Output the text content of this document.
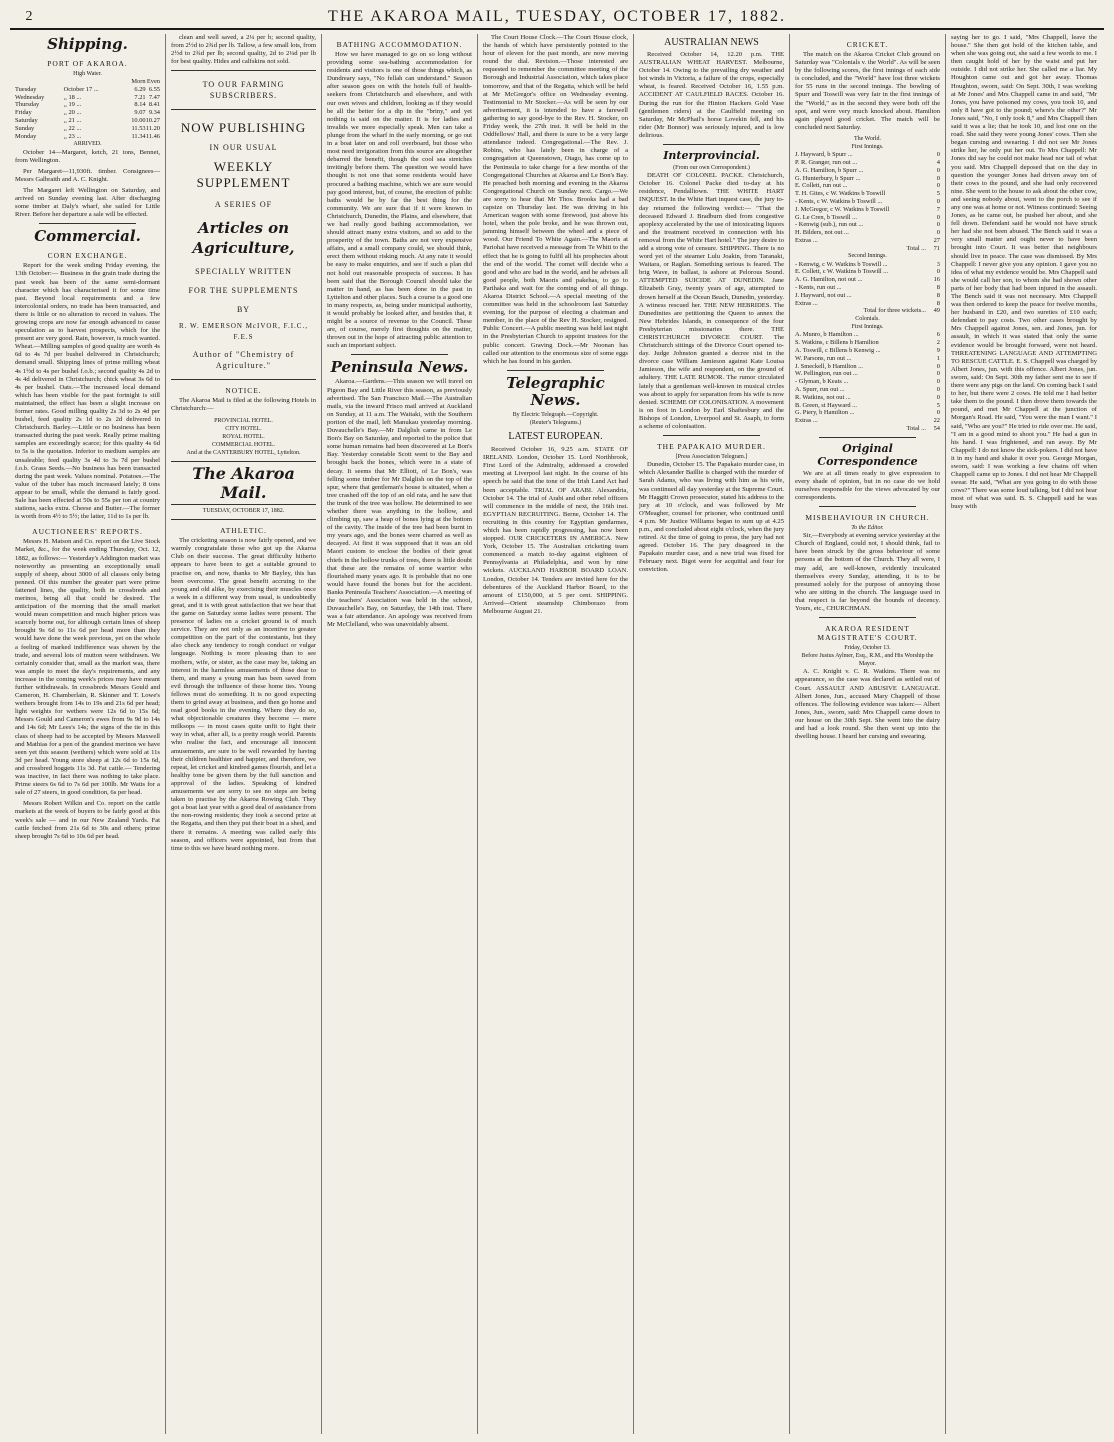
2	THE AKAROA MAIL, TUESDAY, OCTOBER 17, 1882.
Shipping.
PORT OF AKAROA.
High Water.
		Morn	Even
Tuesday	October 17 ...	6.29	6.55
Wednesday	,, 18 ...	7.21	7.47
Thursday	,, 19 ...	8.14	8.41
Friday	,, 20 ...	9.07	9.34
Saturday	,, 21 ...	10.00	10.27
Sunday	,, 22 ...	11.53	11.20
Monday	,, 23 ...	11.34	11.46
ARRIVED.

October 14—Margaret, ketch, 21 tons, Bennet, from Wellington.

Per Margaret—11,930ft. timber. Consignees—Messrs Galbraith and A. C. Knight.

The Margaret left Wellington on Saturday, and arrived on Sunday evening last. After discharging some timber at Daly's wharf, she sailed for Little River. Before her departure a sale will be effected.

Commercial.
CORN EXCHANGE.

Report for the week ending Friday evening, the 13th October:— Business in the grain trade during the past week has been of the same semi-dormant character which has characterised it for some time past. Beyond local requirements and a few intercolonial orders, no trade has been transacted, and there is little or no alteration to record in values. The growing crops are now far enough advanced to cause speculation as to harvest prospects, which for the present are very good. Rain, however, is much wanted. Wheat.—Milling samples of good quality are worth 4s 6d to 4s 7d per bushel delivered in Christchurch; demand small. Shipping lines of prime milling wheat 4s 1½d to 4s per bushel f.o.b.; second quality 4s 2d to 4s 4d delivered in Christchurch; chick wheat 3s 6d to 4s per bushel. Oats.—The increased local demand which has been visible for the past fortnight is still maintained, the effect has been a slight increase on former rates. Good milling quality 2s 3d to 2s 4d per bushel, feed quality 2s 1d to 2s 2d delivered in Christchurch. Barley.—Little or no business has been transacted during the past week. Really prime malting samples are exceedingly scarce; for this quality 4s 6d to 5s is the quotation. Inferior to medium samples are unsaleable; feed quality 3s 4d to 3s 7d per bushel f.o.b. Grass Seeds.—No business has been transacted during the past week. Values nominal. Potatoes.—The value of the tuber has much increased lately; 8 tons appear to be small, while the demand is fairly good. Sale has been effected at 50s to 55s per ton at country stations, sacks extra. Cheese and Butter.—The former is worth from 4½ to 5½; the latter, 11d to 1s per lb.

AUCTIONEERS' REPORTS.

Messrs H. Matson and Co. report on the Live Stock Market, &c., for the week ending Thursday, Oct. 12, 1882, as follows:— Yesterday's Addington market was noteworthy as presenting an exceptionally small supply of sheep, about 3000 of all classes only being penned. Of this number the greater part were prime fattened lines, the quality, both in crossbreds and merinos, being all that could be desired. The anticipation of the morning that the small market would mean competition and much higher prices was scarcely borne out, for although certain lines of sheep brought 9s 6d to 11s 6d per head more than they would have done the week previous, yet on the whole a feeling of marked indifference was shown by the trade, and several lots of mutton were withdrawn. We certainly consider that, small as the market was, there was ample to meet the day's requirements, and any increase in the coming week's prices may have meant further withdrawals. In crossbreds Messrs Gould and Cameron, H. Chamberlain, R. Skinner and T. Lowe's wethers brought from 14s to 19s and 21s 6d per head; light weights for wethers were 12s 6d to 15s 6d; Messrs Gould and Cameron's ewes from 9s 9d to 14s and 14s 6d; Mr Lees's 14s; the signs of the tie in this class of sheep had to be accepted by Messrs Maxwell and Mathias for a pen of the grandest merinos we have seen yet this season (wethers) which were sold at 11s 3d per head. Young store sheep at 12s 6d to 15s 6d, and crossbred hoggets 11s 3d. Fat cattle.— Tendering was inactive, in fact there was nothing to take place. Prime steers 6s 6d to 7s 6d per 100lb. Mr Watts for a sale of 27 steers, in good condition, 6s per head.

Messrs Robert Wilkin and Co. report on the cattle markets at the week of buyers to be fairly good at this week's sale — and in our New Zealand Yards. Fat cattle fetched from 21s 6d to 30s and others; prime sheep brought 7s 6d to 10s 6d per head.

clean and well saved, a 2¼ per b; second quality, from 2½d to 2¾d per lb. Tallow, a few small lots, from 2½d to 2¾d per lb; second quality, 2d to 2¼d per lb for best quality. Hides and calfskins not sold.

TO OUR FARMING SUBSCRIBERS.
NOW PUBLISHING
IN OUR USUAL
WEEKLY SUPPLEMENT
A SERIES OF
Articles on Agriculture,
SPECIALLY WRITTEN
FOR THE SUPPLEMENTS
BY
R. W. EMERSON McIVOR, F.I.C., F.E.S
Author of "Chemistry of Agriculture."
NOTICE.

The Akaroa Mail is filed at the following Hotels in Christchurch:—

PROVINCIAL HOTEL.
CITY HOTEL.
ROYAL HOTEL.
COMMERCIAL HOTEL.
And at the CANTERBURY HOTEL, Lyttelton.
The Akaroa Mail.
TUESDAY, OCTOBER 17, 1882.
ATHLETIC.

The cricketing season is now fairly opened, and we warmly congratulate those who got up the Akaroa Club on their success. The great difficulty hitherto appears to have been to get a suitable ground to practise on, and now, thanks to Mr Bayley, this has been overcome. The great benefit accruing to the young and old alike, by exercising their muscles once a week in a different way from usual, is undoubtedly great, and it is with great satisfaction that we hear that the game on Saturday some ladies were present. The presence of ladies on a cricket ground is of much service. They are not only as an incentive to greater competition on the part of the contestants, but they also check any tendency to rough conduct or vulgar language. Nothing is more pleasing than to see mothers, wife, or sister, as the case may be, taking an interest in the harmless amusements of those dear to them, and many a young man has been saved from evil through the influence of these home ties. Young fellows must do something. It is no good expecting them to grind away at business, and then go home and read good books in the evening. Where they do so, what objectionable creatures they become — mere milksops — in most cases quite unfit to fight their way in what, after all, is a pretty rough world. Parents who realise the fact, and encourage all innocent amusements, are sure to be well rewarded by having their children healthier and happier, and therefore, we repeat, let cricket and kindred games flourish, and let a healthy tone be given them by the full sanction and approval of the ladies. Speaking of kindred amusements we are sorry to see no steps are being taken to practise by the Akaroa Rowing Club. They got a boat last year with a good deal of assistance from the non-rowing residents; they took a second prize at the Regatta, and then they put their boat in a shed, and there it remains. A meeting was called early this season, and officers were appointed, but from that time to this we have heard nothing more.

BATHING ACCOMMODATION.

How we have managed to go on so long without providing some sea-bathing accommodation for residents and visitors is one of those things which, as Dundreary says, "No fellah can understand." Season after season goes on with the hotels full of health-seekers from Christchurch and elsewhere, and with our own wives and children, looking as if they would be all the better for a dip in the "briny," and yet nothing is said on the matter. It is for ladies and invalids we more especially speak. Men can take a plunge from the wharf in the early morning, or go out in a boat later on and roll overboard, but those who most need invigoration from this source are altogether debarred the benefit, though the cool sea stretches invitingly before them. The question we would have thought is not one that some residents would have procured a bathing machine, which we are sure would pay good interest, but, of course, the erection of public baths would be by far the best thing for the community. We are sure that if it were known in Christchurch, Dunedin, the Plains, and elsewhere, that we had really good bathing accommodation, we should attract many extra visitors, and so add to the prosperity of the town. Baths are not very expensive affairs, and a small company could, we should think, erect them without risking much. At any rate it would be easy to make enquiries, and see if such a plan did not hold out reasonable prospects of success. It has been said that the Borough Council should take the matter in hand, as has been done in the past in Lyttelton and other places. Such a course is a good one in many respects, as, being under municipal authority, it would probably be looked after, and besides that, it might be a source of revenue to the Council. These are, of course, merely first thoughts on the matter, thrown out in the hope of attracting public attention to such an important subject.

Peninsula News.

Akaroa.—Gardens.—This season we will travel on Pigeon Bay and Little River this season, as previously advertised. The San Francisco Mail.—The Australian mails, via the inward Frisco mail arrived at Auckland on Sunday, at 11 a.m. The Waitaki, with the Southern portion of the mail, left Manukau yesterday morning. Duvauchelle's Bay.—Mr Dalglish came in from Le Bon's Bay on Saturday, and reported to the police that some human remains had been discovered at Le Bon's Bay. Yesterday constable Scott went to the Bay and brought back the bones, which were in a state of decay. It seems that Mr Elliott, of Le Bon's, was felling some timber for Mr Dalglish on the top of the spur, where that gentleman's house is situated, when a tree crashed off the top of an old rata, and he saw that the trunk of the tree was hollow. He determined to see whether there was anything in the hollow, and climbing up, saw a heap of bones lying at the bottom of the cavity. The inside of the tree had been burnt in my years ago, and the bones were charred as well as decayed. At first it was supposed that it was an old Maori custom to enclose the bodies of their great chiefs in the hollow trunks of trees, there is little doubt that these are the remains of some warrior who flourished many years ago. It is probable that no one would have found the bones but for the accident. Banks Peninsula Teachers' Association.—A meeting of the teachers' Association was held in the school, Duvauchelle's Bay, on Saturday, the 14th inst. There was a fair attendance. An apology was received from Mr McClelland, who was unavoidably absent.

The Court House Clock.—The Court House clock, the hands of which have persistently pointed to the hour of eleven for the past month, are now moving round the dial. Revision.—Those interested are requested to remember the committee meeting of the Borough and Industrial Association, which takes place tomorrow, and that of the Regatta, which will be held at Mr McGregor's office on Wednesday evening. Testimonial to Mr Stocker.—As will be seen by our advertisement, it is intended to have a farewell gathering to say good-bye to the Rev. H. Stocker, on Friday week, the 27th inst. It will be held in the Oddfellows' Hall, and there is sure to be a very large attendance indeed. Congregational.—The Rev. J. Robins, who has lately been in charge of a congregation at Queenstown, Otago, has come up to the Peninsula to take charge for a few months of the Congregational Churches at Akaroa and Le Bon's Bay. He preached both morning and evening in the Akaroa Congregational Church on Sunday next. Cargo.—We are sorry to hear that Mr Thos. Brooks had a bad capsize on Thursday last. He was driving in his American wagon with some firewood, just above his hotel, when the pole broke, and he was thrown out, jamming himself between the wheel and a piece of wood. Our Friend To White Again.—The Maoris at Pariohai have received a message from Te Whiti to the effect that he is going to fulfil all his prophecies about the end of the world. The comet will decide who a good and who are bad in the world, and he advises all good people, both Maoris and pakehas, to go to Parihaka and wait for the coming end of all things. Akaroa District School.—A special meeting of the committee was held in the schoolroom last Saturday evening, for the purpose of electing a chairman and member, in the place of the Rev H. Stocker, resigned. Public Concert.—A public meeting was held last night in the Presbyterian Church to appoint trustees for the public concert. Graving Dock.—Mr Noonan has called our attention to the enormous size of some eggs which he has found in his garden.

Telegraphic News.
By Electric Telegraph.—Copyright.
(Reuter's Telegrams.)
LATEST EUROPEAN.

Received October 16, 9.25 a.m. STATE OF IRELAND. London, October 15. Lord Northbrook, First Lord of the Admiralty, addressed a crowded meeting at Liverpool last night. In the course of his speech he said that the tone of the Irish Land Act had been acceptable. TRIAL OF ARABI. Alexandria, October 14. The trial of Arabi and other rebel officers will commence in the middle of next, the 16th inst. EGYPTIAN RECRUITING. Berne, October 14. The recruiting in this country for Egyptian gendarmes, which has been rapidly progressing, has now been stopped. OUR CRICKETERS IN AMERICA. New York, October 15. The Australian cricketing team commenced a match to-day against eighteen of Pennsylvania at Philadelphia, and won by nine wickets. AUCKLAND HARBOR BOARD LOAN. London, October 14. Tenders are invited here for the debentures of the Auckland Harbor Board, to the amount of £150,000, at 5 per cent. SHIPPING. Arrived—Orient steamship Chimborazo from Melbourne August 21.

AUSTRALIAN NEWS

Received October 14, 12.20 p.m. THE AUSTRALIAN WHEAT HARVEST. Melbourne, October 14. Owing to the prevailing dry weather and hot winds in Victoria, a failure of the crops, especially wheat, is feared. Received October 16, 1.55 p.m. ACCIDENT AT CAULFIELD RACES. October 16. During the run for the Hinton Hackers Gold Vase (gentlemen riders) at the Caulfield meeting on Saturday, Mr McPhail's horse Lovekin fell, and his rider (Mr Bonnor) was seriously injured, and is low delirious.

Interprovincial.
(From our own Correspondent.)

DEATH OF COLONEL PACKE. Christchurch, October 16. Colonel Packe died to-day at his residence, Pendalltown. THE WHITE HART INQUEST. In the White Hart inquest case, the jury to-day returned the following verdict:— "That the deceased Edward J. Bradburn died from congestive apoplexy accelerated by the use of intoxicating liquors and the treatment received in connection with his removal from the White Hart hotel." The jury desire to add a strong vote of censure. SHIPPING. There is no word yet of the steamer Lulu Joakin, from Taranaki, Waitara, or Raglan. Something serious is feared. The brig Wave, in ballast, is ashore at Pelorous Sound. ATTEMPTED SUICIDE AT DUNEDIN. Jane Elizabeth Gray, twenty years of age, attempted to drown herself at the Ocean Beach, Dunedin, yesterday. A witness rescued her. THE NEW HEBRIDES. The Dunedinites are petitioning the Queen to annex the New Hebrides Islands, in consequence of the four Presbyterian missionaries there. THE CHRISTCHURCH DIVORCE COURT. The Christchurch sittings of the Divorce Court opened to-day. Judge Johnston granted a decree nisi in the divorce case William Jamieson against Kate Louisa Jamieson, the wife and respondent, on the ground of adultery. THE LATE RUMOR. The rumor circulated lately that a gentleman well-known in musical circles was about to apply for separation from his wife is now denied. SCHEME OF COLONISATION. A movement is on foot in London by Earl Shaftesbury and the Bishops of London, Liverpool and St. Asaph, to form a scheme of colonisation.

THE PAPAKAIO MURDER.
[Press Association Telegram.]

Dunedin, October 15. The Papakaio murder case, in which Alexander Baillie is charged with the murder of Sarah Adams, who was living with him as his wife, was continued all day yesterday at the Supreme Court. Mr Haggitt Crown prosecutor, stated his address to the jury at 10 o'clock, and was followed by Mr O'Meagher, counsel for prisoner, who continued until 4 p.m. Mr Justice Williams began to sum up at 4.25 p.m., and concluded about eight o'clock, when the jury retired. At the time of going to press, the jury had not agreed. October 16. The jury disagreed in the Papakaio murder case, and a new trial was fixed for February next. Bigot were for acquittal and four for conviction.

CRICKET.

The match on the Akaroa Cricket Club ground on Saturday was "Colonials v. the World". As will be seen by the following scores, the first innings of each side is concluded, and the "World" have lost three wickets for 55 runs in the second innings. The bowling of Spurr and Toswill was very fair in the first innings of the "World," as in the second they were both off the spot, and were very much knocked about. Hamilton again played good cricket. The match will be concluded next Saturday.

The World.
First Innings.
J. Hayward, b Spurr ...	0
P. R. Granger, run out ...	4
A. G. Hamilton, b Spurr ...	0
G. Hunterbury, b Spurr ...	0
E. Collett, run out ...	0
T. H. Gites, c W. Watkins b Toswill	5
- Kents, c W. Watkins b Toswill ...	0
J. McGregor, c W. Watkins b Toswill	7
G. Le Cren, b Toswill ...	0
- Kenwig (sub.), run out ...	0
H. Bilders, not out ...	0
Extras ...	27
Total ...	71
Second Innings.
- Kenwig, c W. Watkins b Toswill ...	3
E. Collett, c W. Watkins b Toswill ...	0
A. G. Hamilton, not out ...	16
- Kents, run out ...	8
J. Hayward, not out ...	8
Extras ...	8
Total for three wickets...	49
Colonials.
First Innings.
A. Munro, b Hamilton ...	6
S. Watkins, c Billens b Hamilton	2
A. Toswill, c Billens b Kenwig ...	9
W. Parsons, run out ...	1
J. Smeckell, b Hamilton ...	0
W. Pellington, run out ...	0
- Glyman, b Keats ...	0
A. Spurr, run out ...	0
R. Watkins, not out ...	0
B. Green, st Hayward ...	5
G. Piery, b Hamilton ...	0
Extras ...	22
Total ...	54
Original Correspondence

We are at all times ready to give expression to every shade of opinion, but in no case do we hold ourselves responsible for the views advocated by our correspondents.

MISBEHAVIOUR IN CHURCH.
To the Editor.

Sir,—Everybody at evening service yesterday at the Church of England, could not, I should think, fail to have been struck by the gross behaviour of some persons at the bottom of the Church. They all were, I may add, are well-known, evidently inculcated themselves every Sunday, attending, it is to be presumed solely for the purpose of annoying those who are sitting in the church. The language used in that respect is far beyond the bounds of decency. Yours, etc., CHURCHMAN.

AKAROA RESIDENT MAGISTRATE'S COURT.
Friday, October 13.
Before Justus Aylmer, Esq., R.M., and His Worship the Mayor.

A. C. Knight v. C. R. Watkins. There was no appearance, so the case was declared as settled out of Court. ASSAULT AND ABUSIVE LANGUAGE. Albert Jones, Jun., accused Mary Chappell of those offences. The following evidence was taken:— Albert Jones, Jun., sworn, said: Mrs Chappell came down to our house on the 30th Sept. She went into the dairy and had a look round. She then went up into the dwelling house. I heard her cursing and swearing.

saying her to go. I said, "Mrs Chappell, leave the house." She then got hold of the kitchen table, and when she was going out, she said a few words to me. I then caught hold of her by the waist and put her outside. I did not strike her. She called me a liar. My Houghton came out and got her away. Thomas Houghton, sworn, said: On Sept. 30th, I was working at Mr Jones' and Mrs Chappell came in and said, "Mr Jones, you have poisoned my cows, you took 10, and only 8 have got to the pound; where's the other?" Mr Jones said, "No, I only took 8," and Mrs Chappell then said it was a lie; that he took 10, and lost one on the road. She said they were young Jones' cows. Then she began cursing and swearing. I did not see Mr Jones strike her, he only put her out. To Mrs Chappell: Mr Jones did say he could not make head nor tail of what you said. Mrs Chappell deposed that on the day in question the younger Jones had driven away ten of their cows to the pound, and she had only recovered nine. She went to the house to ask about the other cow, and seeing nobody about, went to the porch to see if any one was at home or not. Witness continued: Seeing Jones, as he came out, he pushed her about, and she fell down. Defendant said he would not have struck her had she not been abused. The Bench said it was a very small matter and ought never to have been brought into Court. It was better that neighbours should live in peace. The case was dismissed. By Mrs Chappell: I never give you any opinion. I gave you no idea of what my evidence would be. Mrs Chappell said she would call her son, to whom she had shown other parts of her body that had been injured in the assault. The Bench said it was not necessary. Mrs Chappell was then ordered to keep the peace for twelve months, her husband in £20, and two sureties of £10 each; defendant to pay costs. Two other cases brought by Mrs Chappell against Jones, sen. and Jones, jun. for assault, in which it was stated that only the same evidence would be brought forward, were not heard. THREATENING LANGUAGE AND ATTEMPTING TO RESCUE CATTLE. E. S. Chappell was charged by Albert Jones, jun. with this offence. Albert Jones, jun. sworn, said: On Sept. 30th my father sent me to see if there were any pigs on the land. On coming back I said to her, but there were 2 cows. He told me I had better take them to the pound. I then drove them towards the pound, and met Mr Chappell at the junction of Morgan's Road. He said, "You were the man I want." I said, "Who are you?" He tried to ride over me. He said, "I am in a good mind to shoot you." He had a gun in his hand. I was frightened, and ran away. By Mr Chappell: I do not know the sick-pokers. I did not have it in my hand and shake it over you. George Morgan, sworn, said: I was working a few chains off when Chappell came up to Jones. I did not hear Mr Chappell swear. He said, "What are you going to do with those cows?" There was some loud talking, but I did not hear most of what was said. B. S. Chappell said he was busy with
